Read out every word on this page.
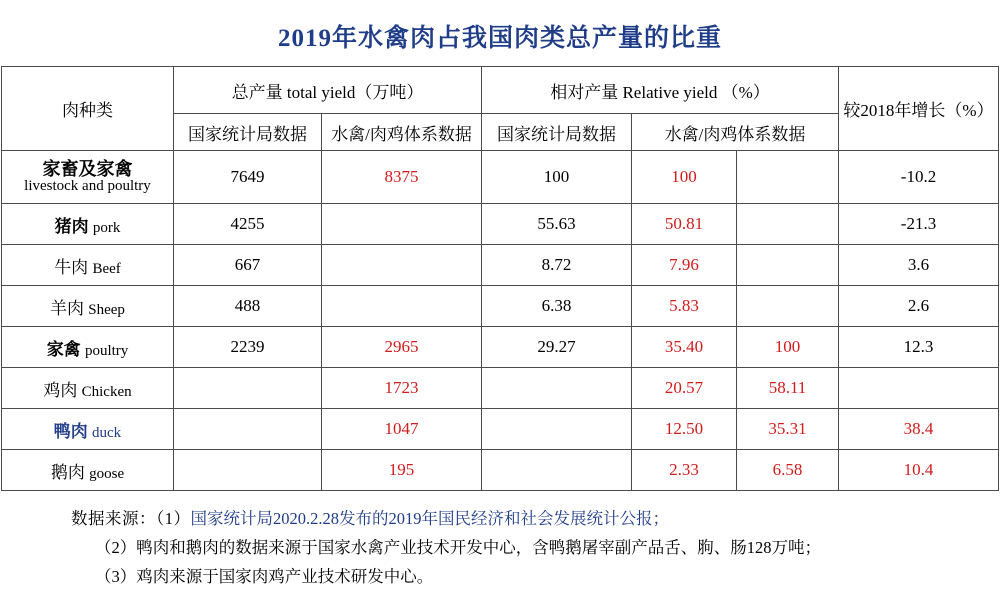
2019年水禽肉占我国肉类总产量的比重
肉种类	总产量 total yield（万吨）		相对产量 Relative yield （%）			较2018年增长（%）
	国家统计局数据	水禽/肉鸡体系数据	国家统计局数据	水禽/肉鸡体系数据		

家畜及家禽
livestock and poultry	7649	8375	100	100		-10.2
猪肉 pork	4255		55.63	50.81		-21.3
牛肉 Beef	667		8.72	7.96		3.6
羊肉 Sheep	488		6.38	5.83		2.6
家禽 poultry	2239	2965	29.27	35.40	100	12.3
鸡肉 Chicken		1723		20.57	58.11	
鸭肉 duck		1047		12.50	35.31	38.4
鹅肉 goose		195		2.33	6.58	10.4
数据来源：（1）国家统计局2020.2.28发布的2019年国民经济和社会发展统计公报；
（2）鸭肉和鹅肉的数据来源于国家水禽产业技术开发中心，含鸭鹅屠宰副产品舌、胊、肠128万吨；
（3）鸡肉来源于国家肉鸡产业技术研发中心。
